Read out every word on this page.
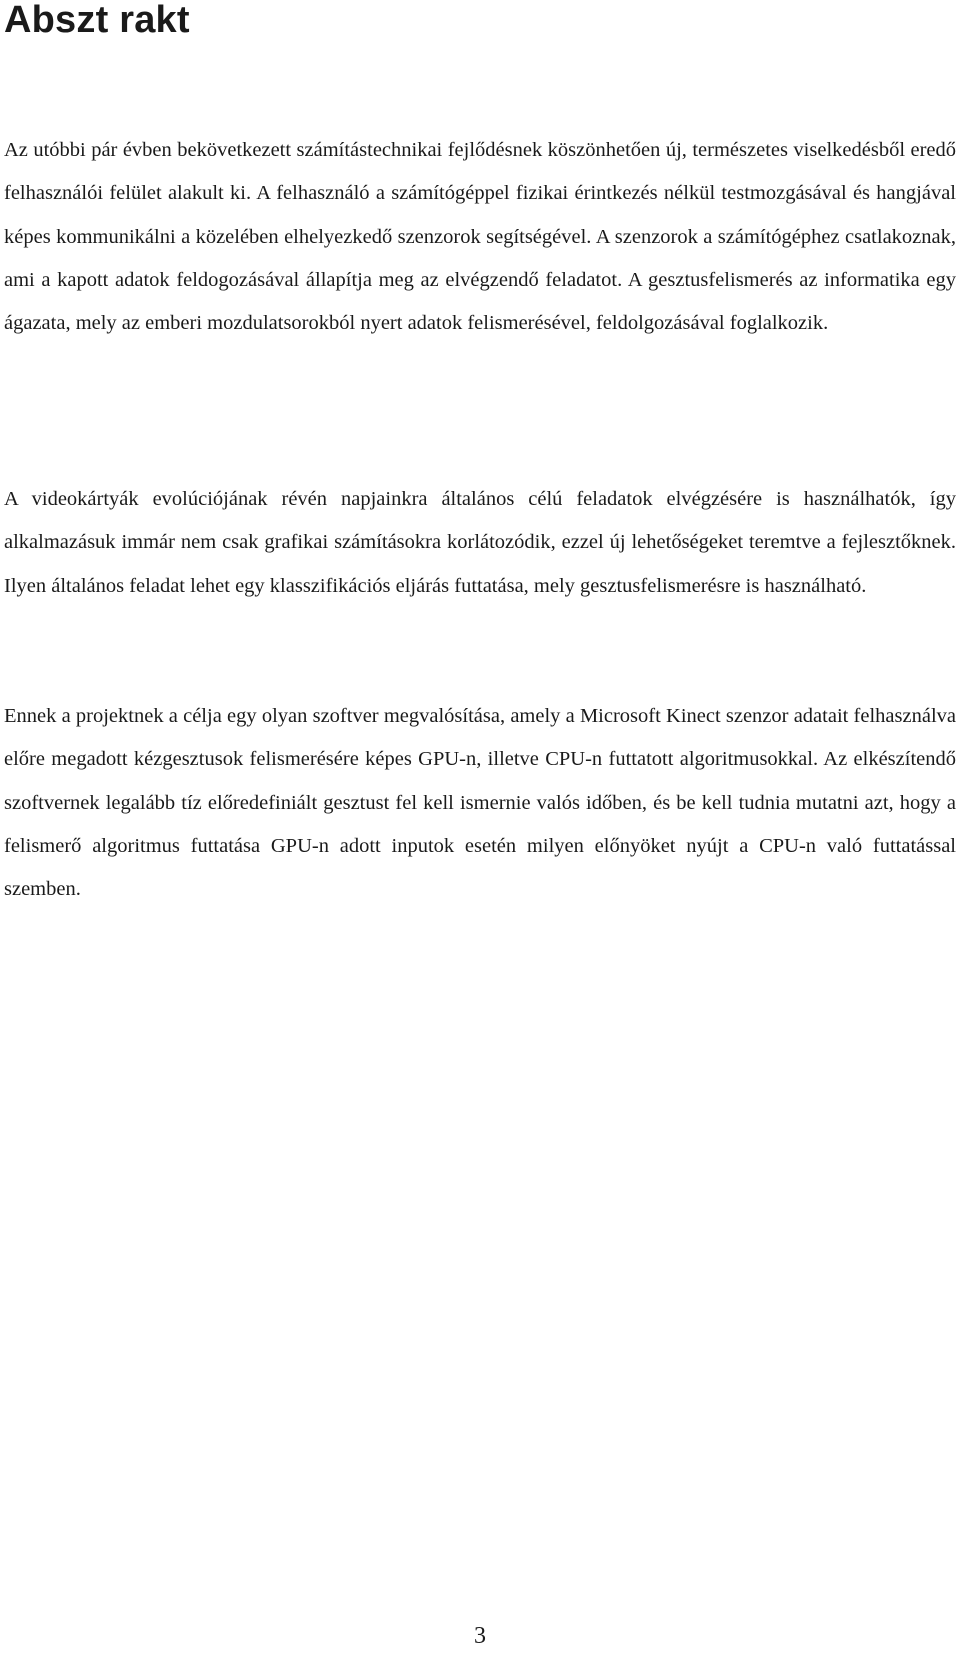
Abszt rakt

Az utóbbi pár évben bekövetkezett számítástechnikai fejlődésnek köszönhetően új, természetes viselkedésből eredő felhasználói felület alakult ki. A felhasználó a számítógéppel fizikai érintkezés nélkül testmozgásával és hangjával képes kommunikálni a közelében elhelyezkedő szenzorok segítségével. A szenzorok a számítógéphez csatlakoznak, ami a kapott adatok feldogozásával állapítja meg az elvégzendő feladatot. A gesztusfelismerés az informatika egy ágazata, mely az emberi mozdulatsorokból nyert adatok felismerésével, feldolgozásával foglalkozik.

A videokártyák evolúciójának révén napjainkra általános célú feladatok elvégzésére is használhatók, így alkalmazásuk immár nem csak grafikai számításokra korlátozódik, ezzel új lehetőségeket teremtve a fejlesztőknek. Ilyen általános feladat lehet egy klasszifikációs eljárás futtatása, mely gesztusfelismerésre is használható.

Ennek a projektnek a célja egy olyan szoftver megvalósítása, amely a Microsoft Kinect szenzor adatait felhasználva előre megadott kézgesztusok felismerésére képes GPU-n, illetve CPU-n futtatott algoritmusokkal. Az elkészítendő szoftvernek legalább tíz előredefiniált gesztust fel kell ismernie valós időben, és be kell tudnia mutatni azt, hogy a felismerő algoritmus futtatása GPU-n adott inputok esetén milyen előnyöket nyújt a CPU-n való futtatással szemben.

3
